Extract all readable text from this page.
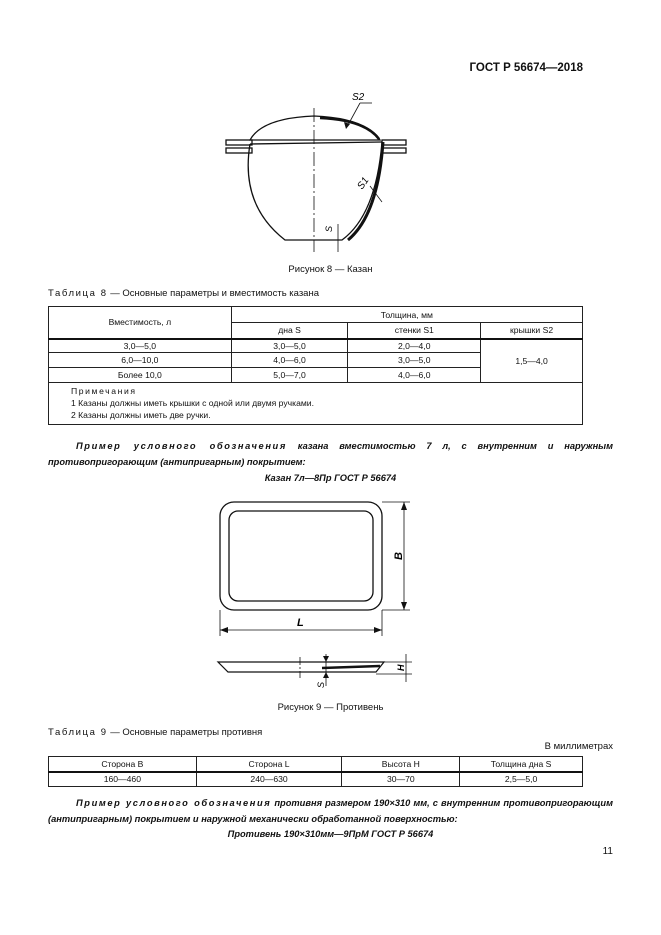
ГОСТ Р 56674—2018
S2
S1
S
Рисунок 8 — Казан
Таблица 8 — Основные параметры и вместимость казана
Вместимость, л	Толщина, мм		
	дна S	стенки S1	крышки S2
3,0—5,0	3,0—5,0	2,0—4,0	1,5—4,0
6,0—10,0	4,0—6,0	3,0—5,0	
Более 10,0	5,0—7,0	4,0—6,0	

Примечания
1 Казаны должны иметь крышки с одной или двумя ручками.
2 Казаны должны иметь две ручки.			
Пример условного обозначения казана вместимостью 7 л, с внутренним и наружным противопригорающим (антипригарным) покрытием:
Казан 7л—8Пр ГОСТ Р 56674
B
L
H
S
Рисунок 9 — Противень
Таблица 9 — Основные параметры противня
В миллиметрах
Сторона B	Сторона L	Высота H	Толщина дна S
160—460	240—630	30—70	2,5—5,0
Пример условного обозначения противня размером 190×310 мм, с внутренним противопригорающим (антипригарным) покрытием и наружной механически обработанной поверхностью:
Противень 190×310мм—9ПрМ ГОСТ Р 56674
11
